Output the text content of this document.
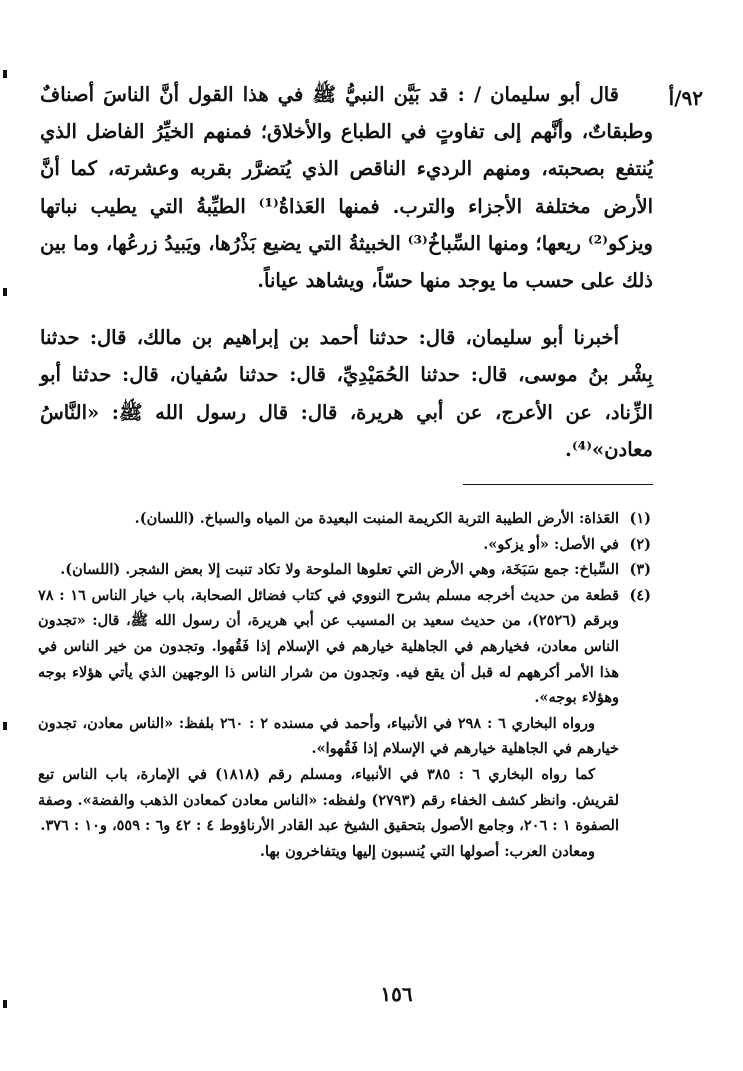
٩٢/أ

قال أبو سليمان / : قد بَيَّن النبيُّ ﷺ في هذا القول أنَّ الناسَ أصنافٌ وطبقاتٌ، وأنَّهم إلى تفاوتٍ في الطباع والأخلاق؛ فمنهم الخيِّرُ الفاضل الذي يُنتفع بصحبته، ومنهم الرديء الناقص الذي يُتضرَّر بقربه وعشرته، كما أنَّ الأرض مختلفة الأجزاء والترب. فمنها العَذاةُ⁽¹⁾ الطيِّبةُ التي يطيب نباتها ويزكو⁽²⁾ ريعها؛ ومنها السِّباخُ⁽³⁾ الخبيثةُ التي يضيع بَذْرُها، ويَبيدُ زرعُها، وما بين ذلك على حسب ما يوجد منها حسّاً، ويشاهد عياناً.

أخبرنا أبو سليمان، قال: حدثنا أحمد بن إبراهيم بن مالك، قال: حدثنا بِشْر بنُ موسى، قال: حدثنا الحُمَيْدِيِّ، قال: حدثنا سُفيان، قال: حدثنا أبو الزِّناد، عن الأعرج، عن أبي هريرة، قال: قال رسول الله ﷺ: «النَّاسُ معادن»⁽⁴⁾.

(١)
العَذاة: الأرض الطيبة التربة الكريمة المنبت البعيدة من المياه والسباخ. (اللسان).
(٢)
في الأصل: «أو يزكو».
(٣)
السِّباخ: جمع سَبَخَة، وهي الأرض التي تعلوها الملوحة ولا تكاد تنبت إلا بعض الشجر. (اللسان).
(٤)
قطعة من حديث أخرجه مسلم بشرح النووي في كتاب فضائل الصحابة، باب خيار الناس ١٦ : ٧٨ وبرقم (٢٥٢٦)، من حديث سعيد بن المسيب عن أبي هريرة، أن رسول الله ﷺ، قال: «تجدون الناس معادن، فخيارهم في الجاهلية خيارهم في الإسلام إذا فَقُهوا. وتجدون من خير الناس في هذا الأمر أكرههم له قبل أن يقع فيه. وتجدون من شرار الناس ذا الوجهين الذي يأتي هؤلاء بوجه وهؤلاء بوجه».

ورواه البخاري ٦ : ٢٩٨ في الأنبياء، وأحمد في مسنده ٢ : ٢٦٠ بلفظ: «الناس معادن، تجدون خيارهم في الجاهلية خيارهم في الإسلام إذا فَقُهوا».

كما رواه البخاري ٦ : ٣٨٥ في الأنبياء، ومسلم رقم (١٨١٨) في الإمارة، باب الناس تبع لقريش. وانظر كشف الخفاء رقم (٢٧٩٣) ولفظه: «الناس معادن كمعادن الذهب والفضة». وصفة الصفوة ١ : ٢٠٦، وجامع الأصول بتحقيق الشيخ عبد القادر الأرناؤوط ٤ : ٤٢ و٦ : ٥٥٩، و١٠ : ٣٧٦.

ومعادن العرب: أصولها التي يُنسبون إليها ويتفاخرون بها.

١٥٦
